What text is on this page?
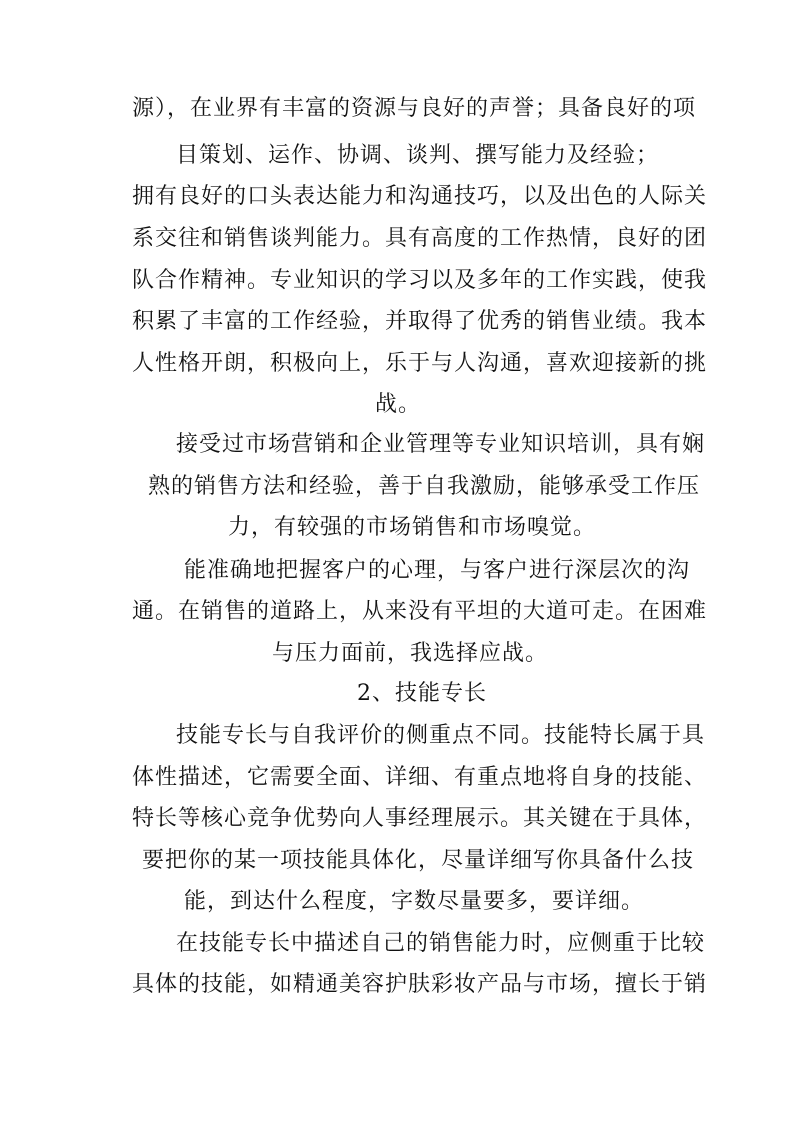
源），在业界有丰富的资源与良好的声誉；具备良好的项
目策划、运作、协调、谈判、撰写能力及经验；
拥有良好的口头表达能力和沟通技巧，以及出色的人际关
系交往和销售谈判能力。具有高度的工作热情，良好的团
队合作精神。专业知识的学习以及多年的工作实践，使我
积累了丰富的工作经验，并取得了优秀的销售业绩。我本
人性格开朗，积极向上，乐于与人沟通，喜欢迎接新的挑
战。
接受过市场营销和企业管理等专业知识培训，具有娴
熟的销售方法和经验，善于自我激励，能够承受工作压
力，有较强的市场销售和市场嗅觉。
能准确地把握客户的心理，与客户进行深层次的沟
通。在销售的道路上，从来没有平坦的大道可走。在困难
与压力面前，我选择应战。
2、技能专长
技能专长与自我评价的侧重点不同。技能特长属于具
体性描述，它需要全面、详细、有重点地将自身的技能、
特长等核心竞争优势向人事经理展示。其关键在于具体，
要把你的某一项技能具体化，尽量详细写你具备什么技
能，到达什么程度，字数尽量要多，要详细。
在技能专长中描述自己的销售能力时，应侧重于比较
具体的技能，如精通美容护肤彩妆产品与市场，擅长于销
